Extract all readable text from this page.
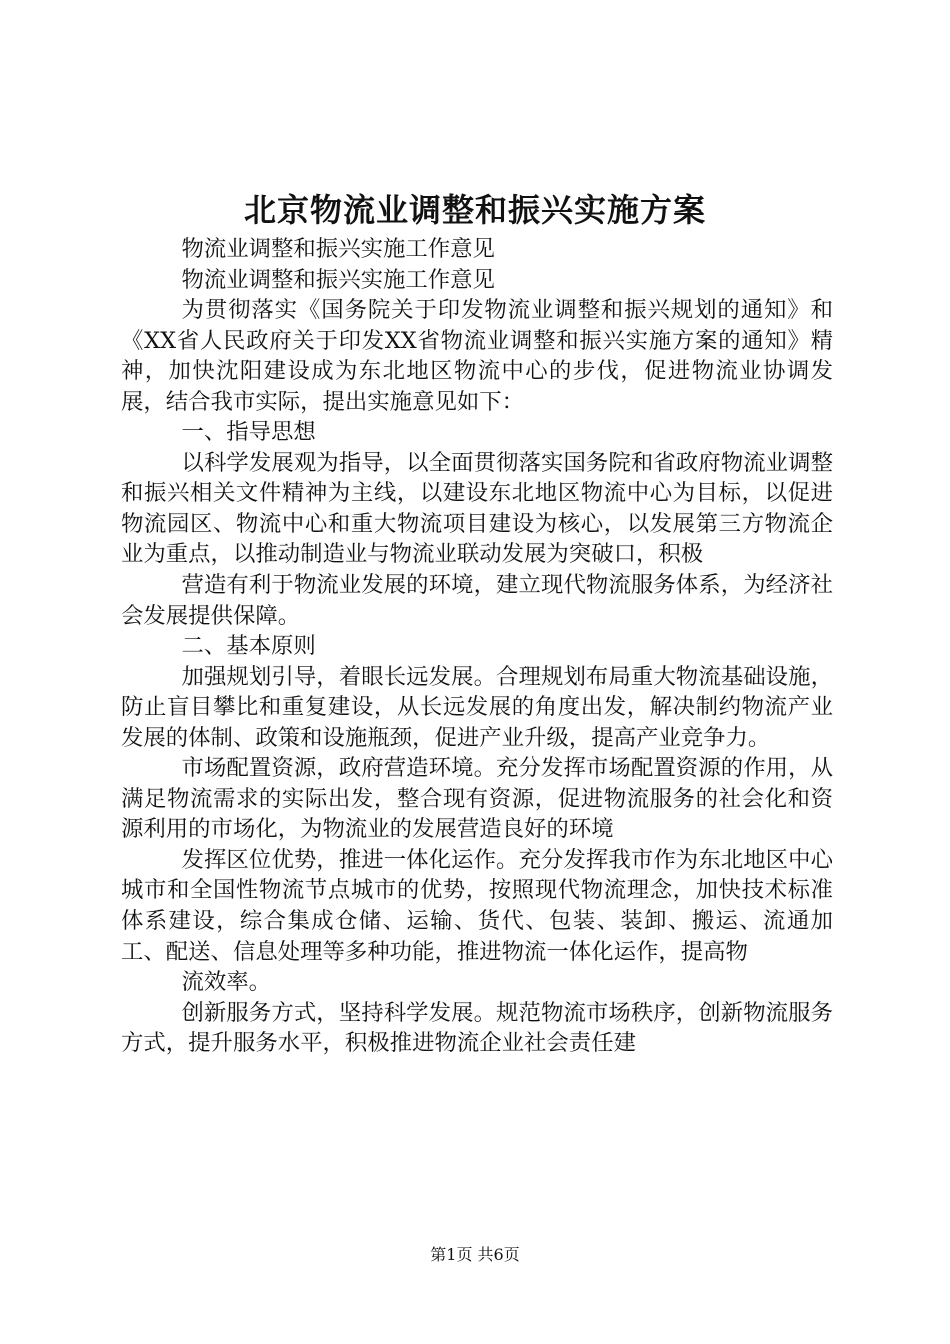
北京物流业调整和振兴实施方案

物流业调整和振兴实施工作意见

物流业调整和振兴实施工作意见

为贯彻落实《国务院关于印发物流业调整和振兴规划的通知》和《XX省人民政府关于印发XX省物流业调整和振兴实施方案的通知》精神，加快沈阳建设成为东北地区物流中心的步伐，促进物流业协调发展，结合我市实际，提出实施意见如下：

一、指导思想

以科学发展观为指导，以全面贯彻落实国务院和省政府物流业调整和振兴相关文件精神为主线，以建设东北地区物流中心为目标，以促进物流园区、物流中心和重大物流项目建设为核心，以发展第三方物流企业为重点，以推动制造业与物流业联动发展为突破口，积极

营造有利于物流业发展的环境，建立现代物流服务体系，为经济社会发展提供保障。

二、基本原则

加强规划引导，着眼长远发展。合理规划布局重大物流基础设施，防止盲目攀比和重复建设，从长远发展的角度出发，解决制约物流产业发展的体制、政策和设施瓶颈，促进产业升级，提高产业竞争力。

市场配置资源，政府营造环境。充分发挥市场配置资源的作用，从满足物流需求的实际出发，整合现有资源，促进物流服务的社会化和资源利用的市场化，为物流业的发展营造良好的环境

发挥区位优势，推进一体化运作。充分发挥我市作为东北地区中心城市和全国性物流节点城市的优势，按照现代物流理念，加快技术标准体系建设，综合集成仓储、运输、货代、包装、装卸、搬运、流通加工、配送、信息处理等多种功能，推进物流一体化运作，提高物

流效率。

创新服务方式，坚持科学发展。规范物流市场秩序，创新物流服务方式，提升服务水平，积极推进物流企业社会责任建

第1页 共6页
